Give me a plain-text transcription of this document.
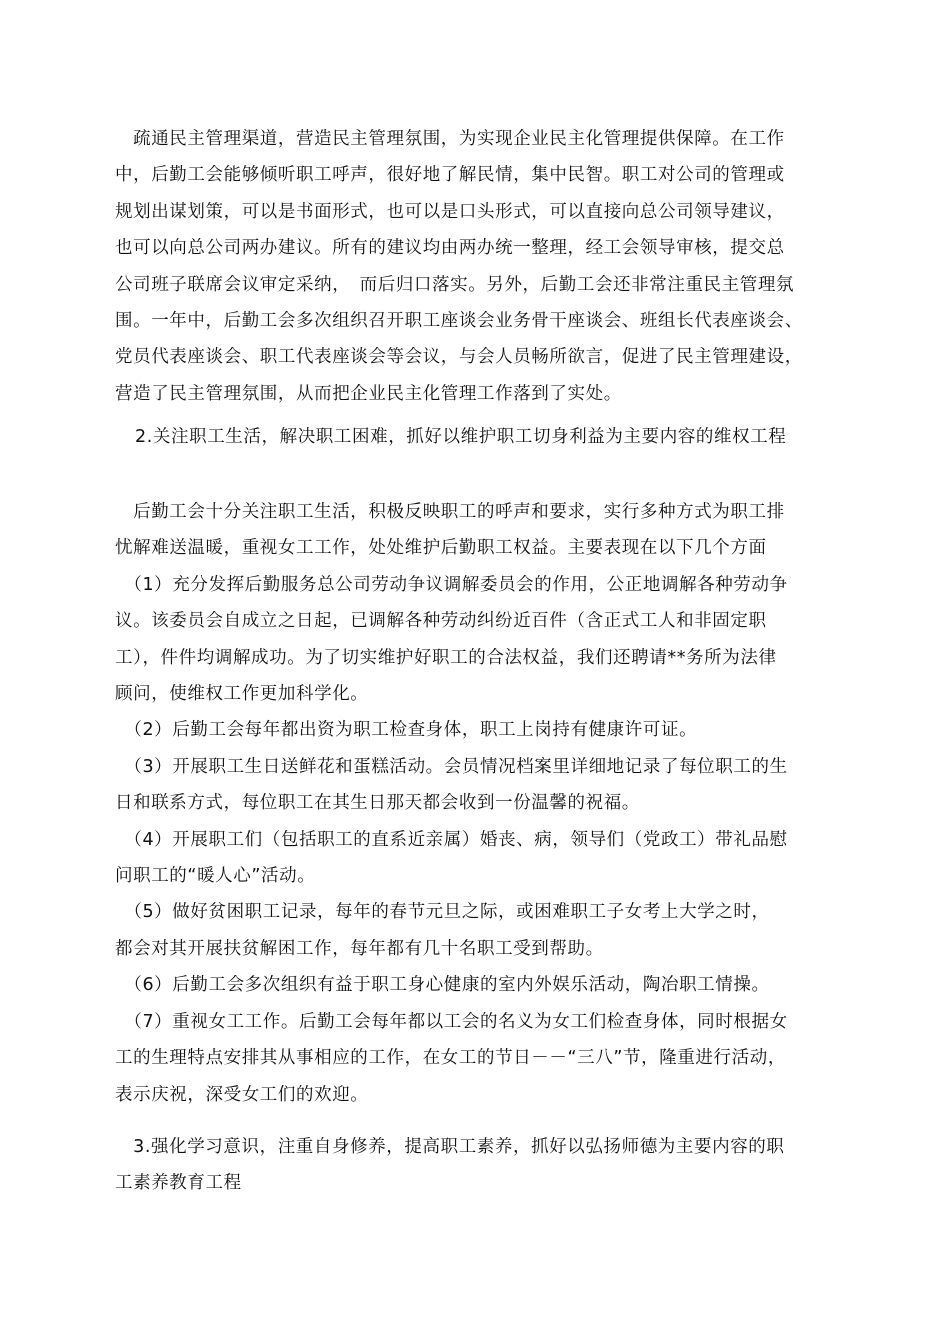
　疏通民主管理渠道，营造民主管理氛围，为实现企业民主化管理提供保障。在工作
中，后勤工会能够倾听职工呼声，很好地了解民情，集中民智。职工对公司的管理或
规划出谋划策，可以是书面形式，也可以是口头形式，可以直接向总公司领导建议，
也可以向总公司两办建议。所有的建议均由两办统一整理，经工会领导审核，提交总
公司班子联席会议审定采纳，　而后归口落实。另外，后勤工会还非常注重民主管理氛
围。一年中，后勤工会多次组织召开职工座谈会业务骨干座谈会、班组长代表座谈会、
党员代表座谈会、职工代表座谈会等会议，与会人员畅所欲言，促进了民主管理建设，
营造了民主管理氛围，从而把企业民主化管理工作落到了实处。

2.关注职工生活，解决职工困难，抓好以维护职工切身利益为主要内容的维权工程

　后勤工会十分关注职工生活，积极反映职工的呼声和要求，实行多种方式为职工排
忧解难送温暖，重视女工工作，处处维护后勤职工权益。主要表现在以下几个方面
　（1）充分发挥后勤服务总公司劳动争议调解委员会的作用，公正地调解各种劳动争
议。该委员会自成立之日起，已调解各种劳动纠纷近百件（含正式工人和非固定职
工），件件均调解成功。为了切实维护好职工的合法权益，我们还聘请**务所为法律
顾问，使维权工作更加科学化。
　（2）后勤工会每年都出资为职工检查身体，职工上岗持有健康许可证。
　（3）开展职工生日送鲜花和蛋糕活动。会员情况档案里详细地记录了每位职工的生
日和联系方式，每位职工在其生日那天都会收到一份温馨的祝福。
　（4）开展职工们（包括职工的直系近亲属）婚丧、病，领导们（党政工）带礼品慰
问职工的“暖人心”活动。
　（5）做好贫困职工记录，每年的春节元旦之际，或困难职工子女考上大学之时，
都会对其开展扶贫解困工作，每年都有几十名职工受到帮助。
　（6）后勤工会多次组织有益于职工身心健康的室内外娱乐活动，陶冶职工情操。
　（7）重视女工工作。后勤工会每年都以工会的名义为女工们检查身体，同时根据女
工的生理特点安排其从事相应的工作，在女工的节日－－“三八”节，隆重进行活动，
表示庆祝，深受女工们的欢迎。
　3.强化学习意识，注重自身修养，提高职工素养，抓好以弘扬师德为主要内容的职
工素养教育工程
